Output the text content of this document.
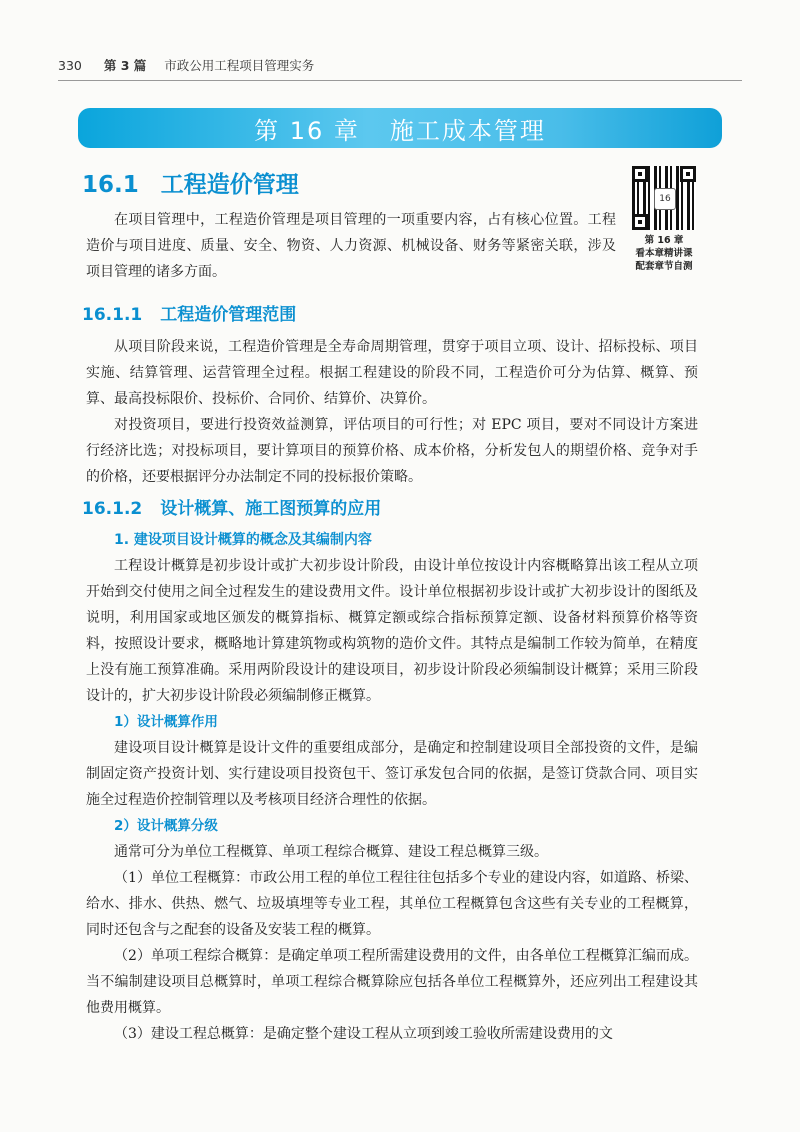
330 第 3 篇 市政公用工程项目管理实务
第 16 章 施工成本管理
16.1 工程造价管理
16
第 16 章
看本章精讲课
配套章节自测

在项目管理中，工程造价管理是项目管理的一项重要内容，占有核心位置。工程造价与项目进度、质量、安全、物资、人力资源、机械设备、财务等紧密关联，涉及项目管理的诸多方面。

16.1.1 工程造价管理范围

从项目阶段来说，工程造价管理是全寿命周期管理，贯穿于项目立项、设计、招标投标、项目实施、结算管理、运营管理全过程。根据工程建设的阶段不同，工程造价可分为估算、概算、预算、最高投标限价、投标价、合同价、结算价、决算价。

对投资项目，要进行投资效益测算，评估项目的可行性；对 EPC 项目，要对不同设计方案进行经济比选；对投标项目，要计算项目的预算价格、成本价格，分析发包人的期望价格、竞争对手的价格，还要根据评分办法制定不同的投标报价策略。

16.1.2 设计概算、施工图预算的应用

1. 建设项目设计概算的概念及其编制内容

工程设计概算是初步设计或扩大初步设计阶段，由设计单位按设计内容概略算出该工程从立项开始到交付使用之间全过程发生的建设费用文件。设计单位根据初步设计或扩大初步设计的图纸及说明，利用国家或地区颁发的概算指标、概算定额或综合指标预算定额、设备材料预算价格等资料，按照设计要求，概略地计算建筑物或构筑物的造价文件。其特点是编制工作较为简单，在精度上没有施工预算准确。采用两阶段设计的建设项目，初步设计阶段必须编制设计概算；采用三阶段设计的，扩大初步设计阶段必须编制修正概算。

1）设计概算作用

建设项目设计概算是设计文件的重要组成部分，是确定和控制建设项目全部投资的文件，是编制固定资产投资计划、实行建设项目投资包干、签订承发包合同的依据，是签订贷款合同、项目实施全过程造价控制管理以及考核项目经济合理性的依据。

2）设计概算分级

通常可分为单位工程概算、单项工程综合概算、建设工程总概算三级。

（1）单位工程概算：市政公用工程的单位工程往往包括多个专业的建设内容，如道路、桥梁、给水、排水、供热、燃气、垃圾填埋等专业工程，其单位工程概算包含这些有关专业的工程概算，同时还包含与之配套的设备及安装工程的概算。

（2）单项工程综合概算：是确定单项工程所需建设费用的文件，由各单位工程概算汇编而成。当不编制建设项目总概算时，单项工程综合概算除应包括各单位工程概算外，还应列出工程建设其他费用概算。

（3）建设工程总概算：是确定整个建设工程从立项到竣工验收所需建设费用的文
